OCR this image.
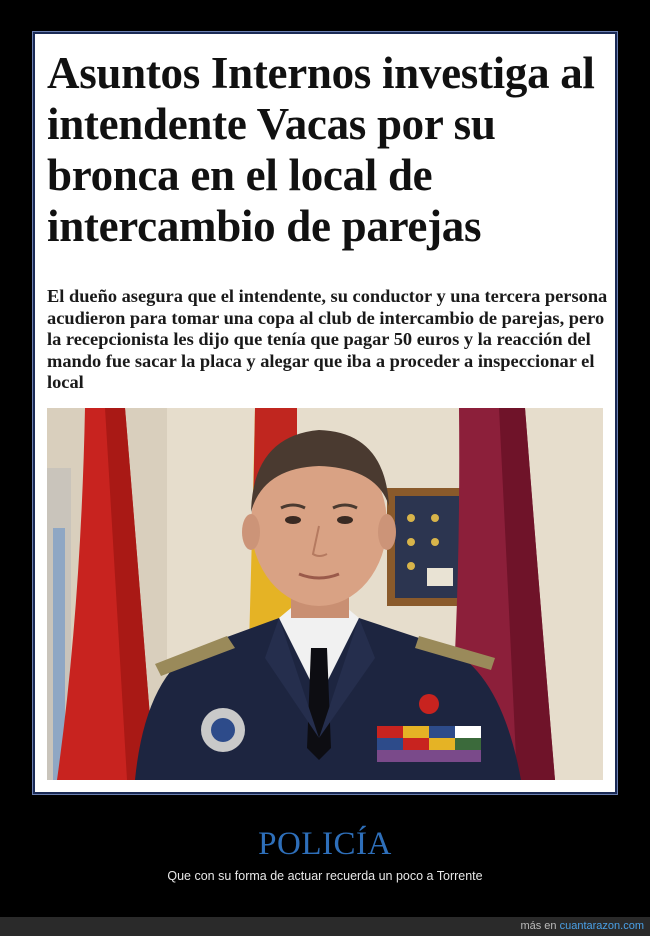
Asuntos Internos investiga al intendente Vacas por su bronca en el local de intercambio de parejas

El dueño asegura que el intendente, su conductor y una tercera persona acudieron para tomar una copa al club de intercambio de parejas, pero la recepcionista les dijo que tenía que pagar 50 euros y la reacción del mando fue sacar la placa y alegar que iba a proceder a inspeccionar el local

POLICÍA
Que con su forma de actuar recuerda un poco a Torrente
más en cuantarazon.com
